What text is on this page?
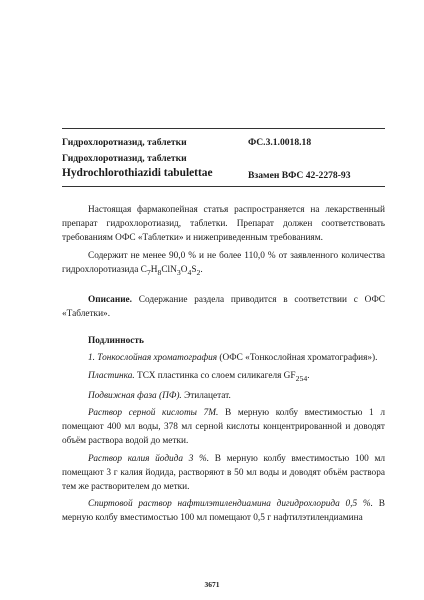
Гидрохлоротиазид, таблетки	ФС.3.1.0018.18
Гидрохлоротиазид, таблетки
Hydrochlorothiazidi tabulettae	Взамен ВФС 42-2278-93

Настоящая фармакопейная статья распространяется на лекарственный препарат гидрохлоротиазид, таблетки. Препарат должен соответствовать требованиям ОФС «Таблетки» и нижеприведенным требованиям.

Содержит не менее 90,0 % и не более 110,0 % от заявленного количества гидрохлоротиазида $C_7H_8ClN_3O_4S_2$.

Описание. Содержание раздела приводится в соответствии с ОФС «Таблетки».

Подлинность

1. Тонкослойная хроматография (ОФС «Тонкослойная хроматография»).

Пластинка. ТСХ пластинка со слоем силикагеля $GF_{254}$.

Подвижная фаза (ПФ). Этилацетат.

Раствор серной кислоты 7М. В мерную колбу вместимостью 1 л помещают 400 мл воды, 378 мл серной кислоты концентрированной и доводят объём раствора водой до метки.

Раствор калия йодида 3 %. В мерную колбу вместимостью 100 мл помещают 3 г калия йодида, растворяют в 50 мл воды и доводят объём раствора тем же растворителем до метки.

Спиртовой раствор нафтилэтилендиамина дигидрохлорида 0,5 %. В мерную колбу вместимостью 100 мл помещают 0,5 г нафтилэтилендиамина

3671
